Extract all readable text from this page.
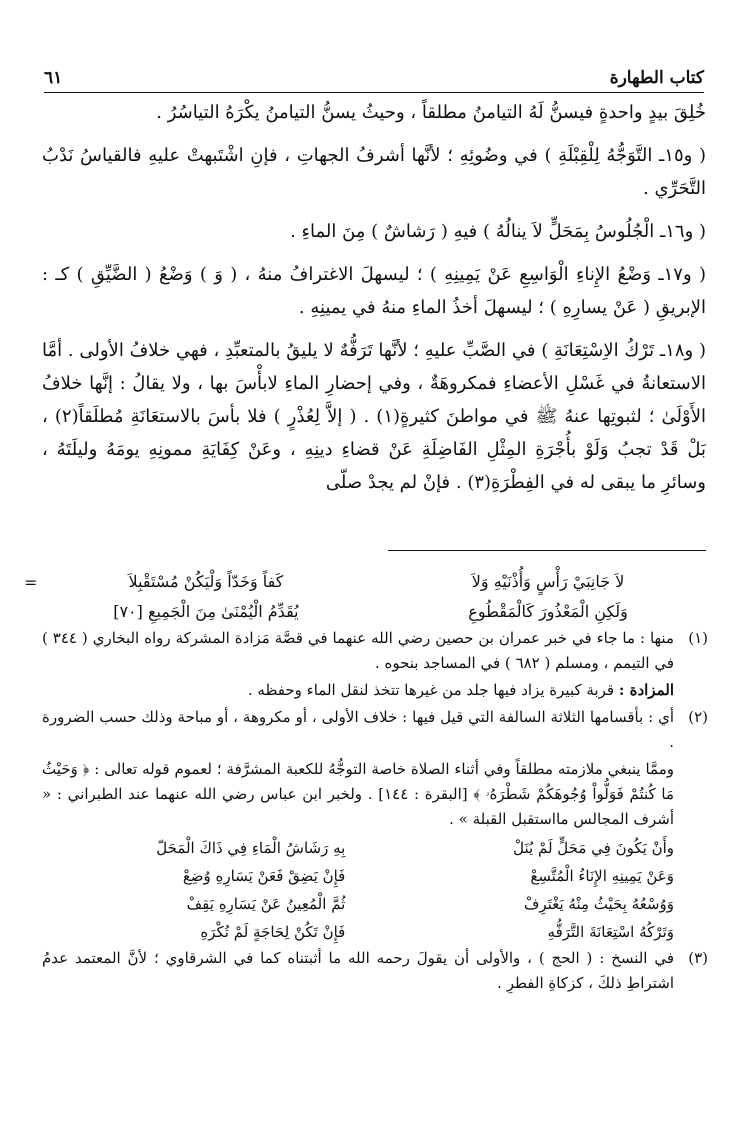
٦١	كتاب الطهارة

خُلِقَ بيدٍ واحدةٍ فيسنُّ لَهُ التيامنُ مطلقاً ، وحيثُ يسنُّ التيامنُ يكْرَهُ التياسُرُ .

( و١٥ـ التَّوَجُّهُ لِلْقِبْلَةِ ) في وضُوئِهِ ؛ لأنَّها أشرفُ الجهاتِ ، فإنِ اشْتَبهتْ عليهِ فالقياسُ نَدْبُ التَّحَرِّي .

( و١٦ـ الْجُلُوسُ بِمَحَلٍّ لاَ ينالُهُ ) فيهِ ( رَشاشٌ ) مِنَ الماءِ .

( و١٧ـ وَضْعُ الإِناءِ الْوَاسِعِ عَنْ يَمِينِهِ ) ؛ ليسهلَ الاغترافُ منهُ ، ( وَ ) وَضْعُ ( الضَّيِّقِ ) كـ : الإبريقِ ( عَنْ يسارِهِ ) ؛ ليسهلَ أخذُ الماءِ منهُ في يمينِهِ .

( و١٨ـ تَرْكُ الاِسْتِعَانَةِ ) في الصَّبِّ عليهِ ؛ لأنَّها تَرَفُّهٌ لا يليقُ بالمتعبِّدِ ، فهي خلافُ الأولى . أمَّا الاستعانةُ في غَسْلِ الأعضاءِ فمكروهَةٌ ، وفي إحضارِ الماءِ لابأْسَ بها ، ولا يقالُ : إنَّها خلافُ الأَوْلَىٰ ؛ لثبوتِها عنهُ ﷺ في مواطنَ كثيرةٍ(١) . ( إلاَّ لِعُذْرٍ ) فلا بأسَ بالاستعَانَةِ مُطلَقاً(٢) ، بَلْ قَدْ تجبُ وَلَوْ بأُجْرَةِ المِثْلِ الفَاضِلَةِ عَنْ قضاءِ دينِهِ ، وعَنْ كِفَايَةِ ممونِهِ يومَهُ وليلَتَهُ ، وسائرِ ما يبقى له في الفِطْرَةِ(٣) . فإنْ لم يجدْ صلّى

=	لاَ جَانِبَيْ رَأْسٍ وَأُذْنَيْهِ وَلاَ
كَفاً وَخَدّاً وَلْيَكُنْ مُسْتَقْبِلاَ
وَلَكِنِ الْمَعْذُورَ كَالْمَقْطُوعِ
يُقَدِّمُ الْيُمْنَىٰ مِنَ الْجَمِيعِ [٧٠]
(١)

منها : ما جاء في خبر عمران بن حصين رضي الله عنهما في قصَّة مَزادة المشركة رواه البخاري ( ٣٤٤ ) في التيمم ، ومسلم ( ٦٨٢ ) في المساجد بنحوه .

المزادة : قربة كبيرة يزاد فيها جلد من غيرها تتخذ لنقل الماء وحفظه .

(٢)

أي : بأقسامها الثلاثة السالفة التي قيل فيها : خلاف الأولى ، أو مكروهة ، أو مباحة وذلك حسب الضرورة .

وممَّا ينبغي ملازمته مطلقاً وفي أثناء الصلاة خاصة التوجُّهُ للكعبة المشرَّفة ؛ لعموم قوله تعالى : ﴿ وَحَيْثُ مَا كُنتُمْ فَوَلُّواْ وُجُوهَكُمْ شَطْرَهُۥ ﴾ [البقرة : ١٤٤] . ولخبر ابن عباس رضي الله عنهما عند الطبراني : « أشرف المجالس مااستقبل القبلة » .

وأَنْ يَكُونَ فِي مَحَلٍّ لَمْ يُنَلْ
بِهِ رَشَاشُ الْمَاءِ فِي ذَاكَ الْمَحَلّ
وَعَنْ يَمِينِهِ الإِنَاءُ الْمُتَّسِعْ
فَإِنْ يَضِقْ فَعَنْ يَسَارِهِ وُضِعْ
وَوُسْعُهُ بِحَيْثُ مِنْهُ يَغْتَرِفْ
ثُمَّ الْمُعِينُ عَنْ يَسَارِهِ يَقِفْ
وَتَرْكُهُ اسْتِعَانَةَ التَّرَفُّهِ
فَإِنْ تَكُنْ لِحَاجَةٍ لَمْ تُكْرَهِ
(٣)

في النسخ : ( الحج ) ، والأولى أن يقولَ رحمه الله ما أثبتناه كما في الشرقاوي ؛ لأنَّ المعتمد عدمُ اشتراطِ ذلكَ ، كزكاةِ الفطرِ .
